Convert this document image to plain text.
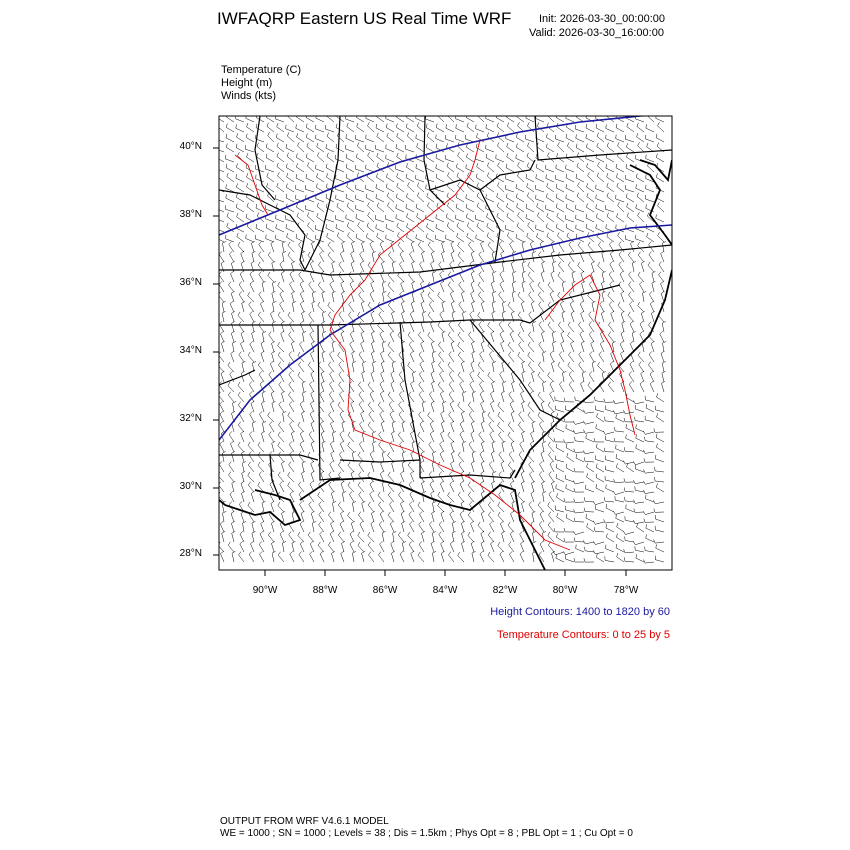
IWFAQRP Eastern US Real Time WRF	Init: 2026-03-30_00:00:00
Valid: 2026-03-30_16:00:00
Temperature (C)
Height (m)
Winds (kts)
40°N
38°N
36°N
34°N
32°N
30°N
28°N
90°W	88°W	86°W	84°W	82°W	80°W	78°W
Height Contours: 1400 to 1820 by 60
Temperature Contours: 0 to 25 by 5
OUTPUT FROM WRF V4.6.1 MODEL
WE = 1000 ; SN = 1000 ; Levels = 38 ; Dis = 1.5km ; Phys Opt = 8 ; PBL Opt = 1 ; Cu Opt = 0
